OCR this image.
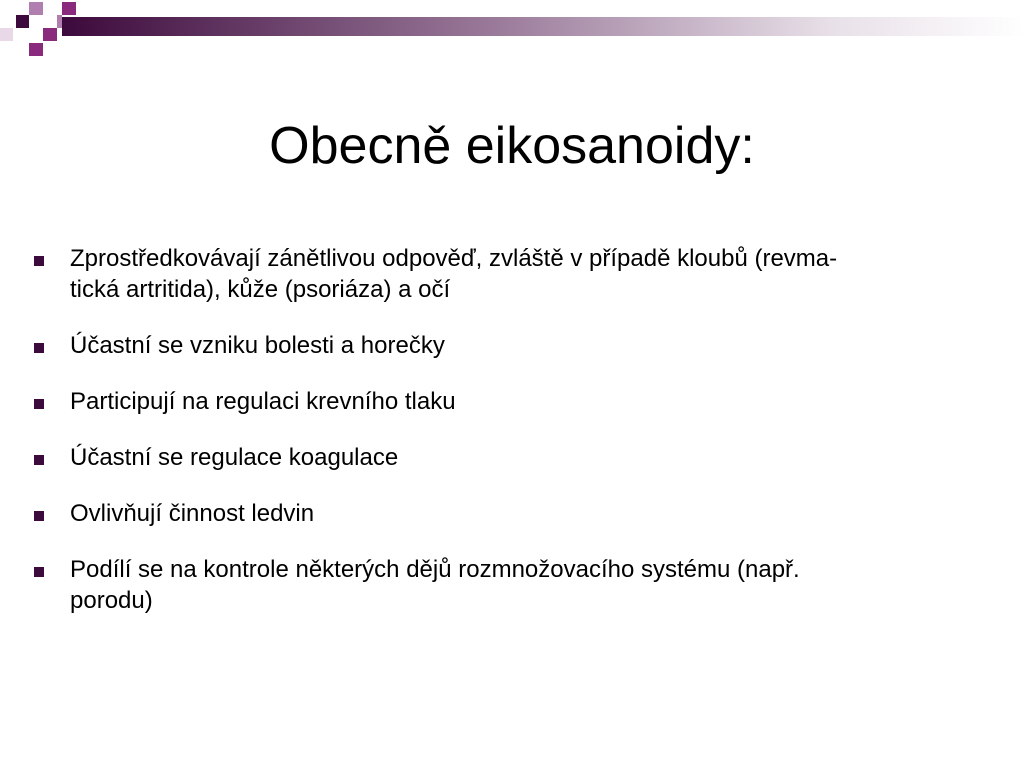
Obecně eikosanoidy:
Zprostředkovávají zánětlivou odpověď, zvláště v případě kloubů (revma-
tická artritida), kůže (psoriáza) a očí
Účastní se vzniku bolesti a horečky
Participují na regulaci krevního tlaku
Účastní se regulace koagulace
Ovlivňují činnost ledvin
Podílí se na kontrole některých dějů rozmnožovacího systému (např.
porodu)
